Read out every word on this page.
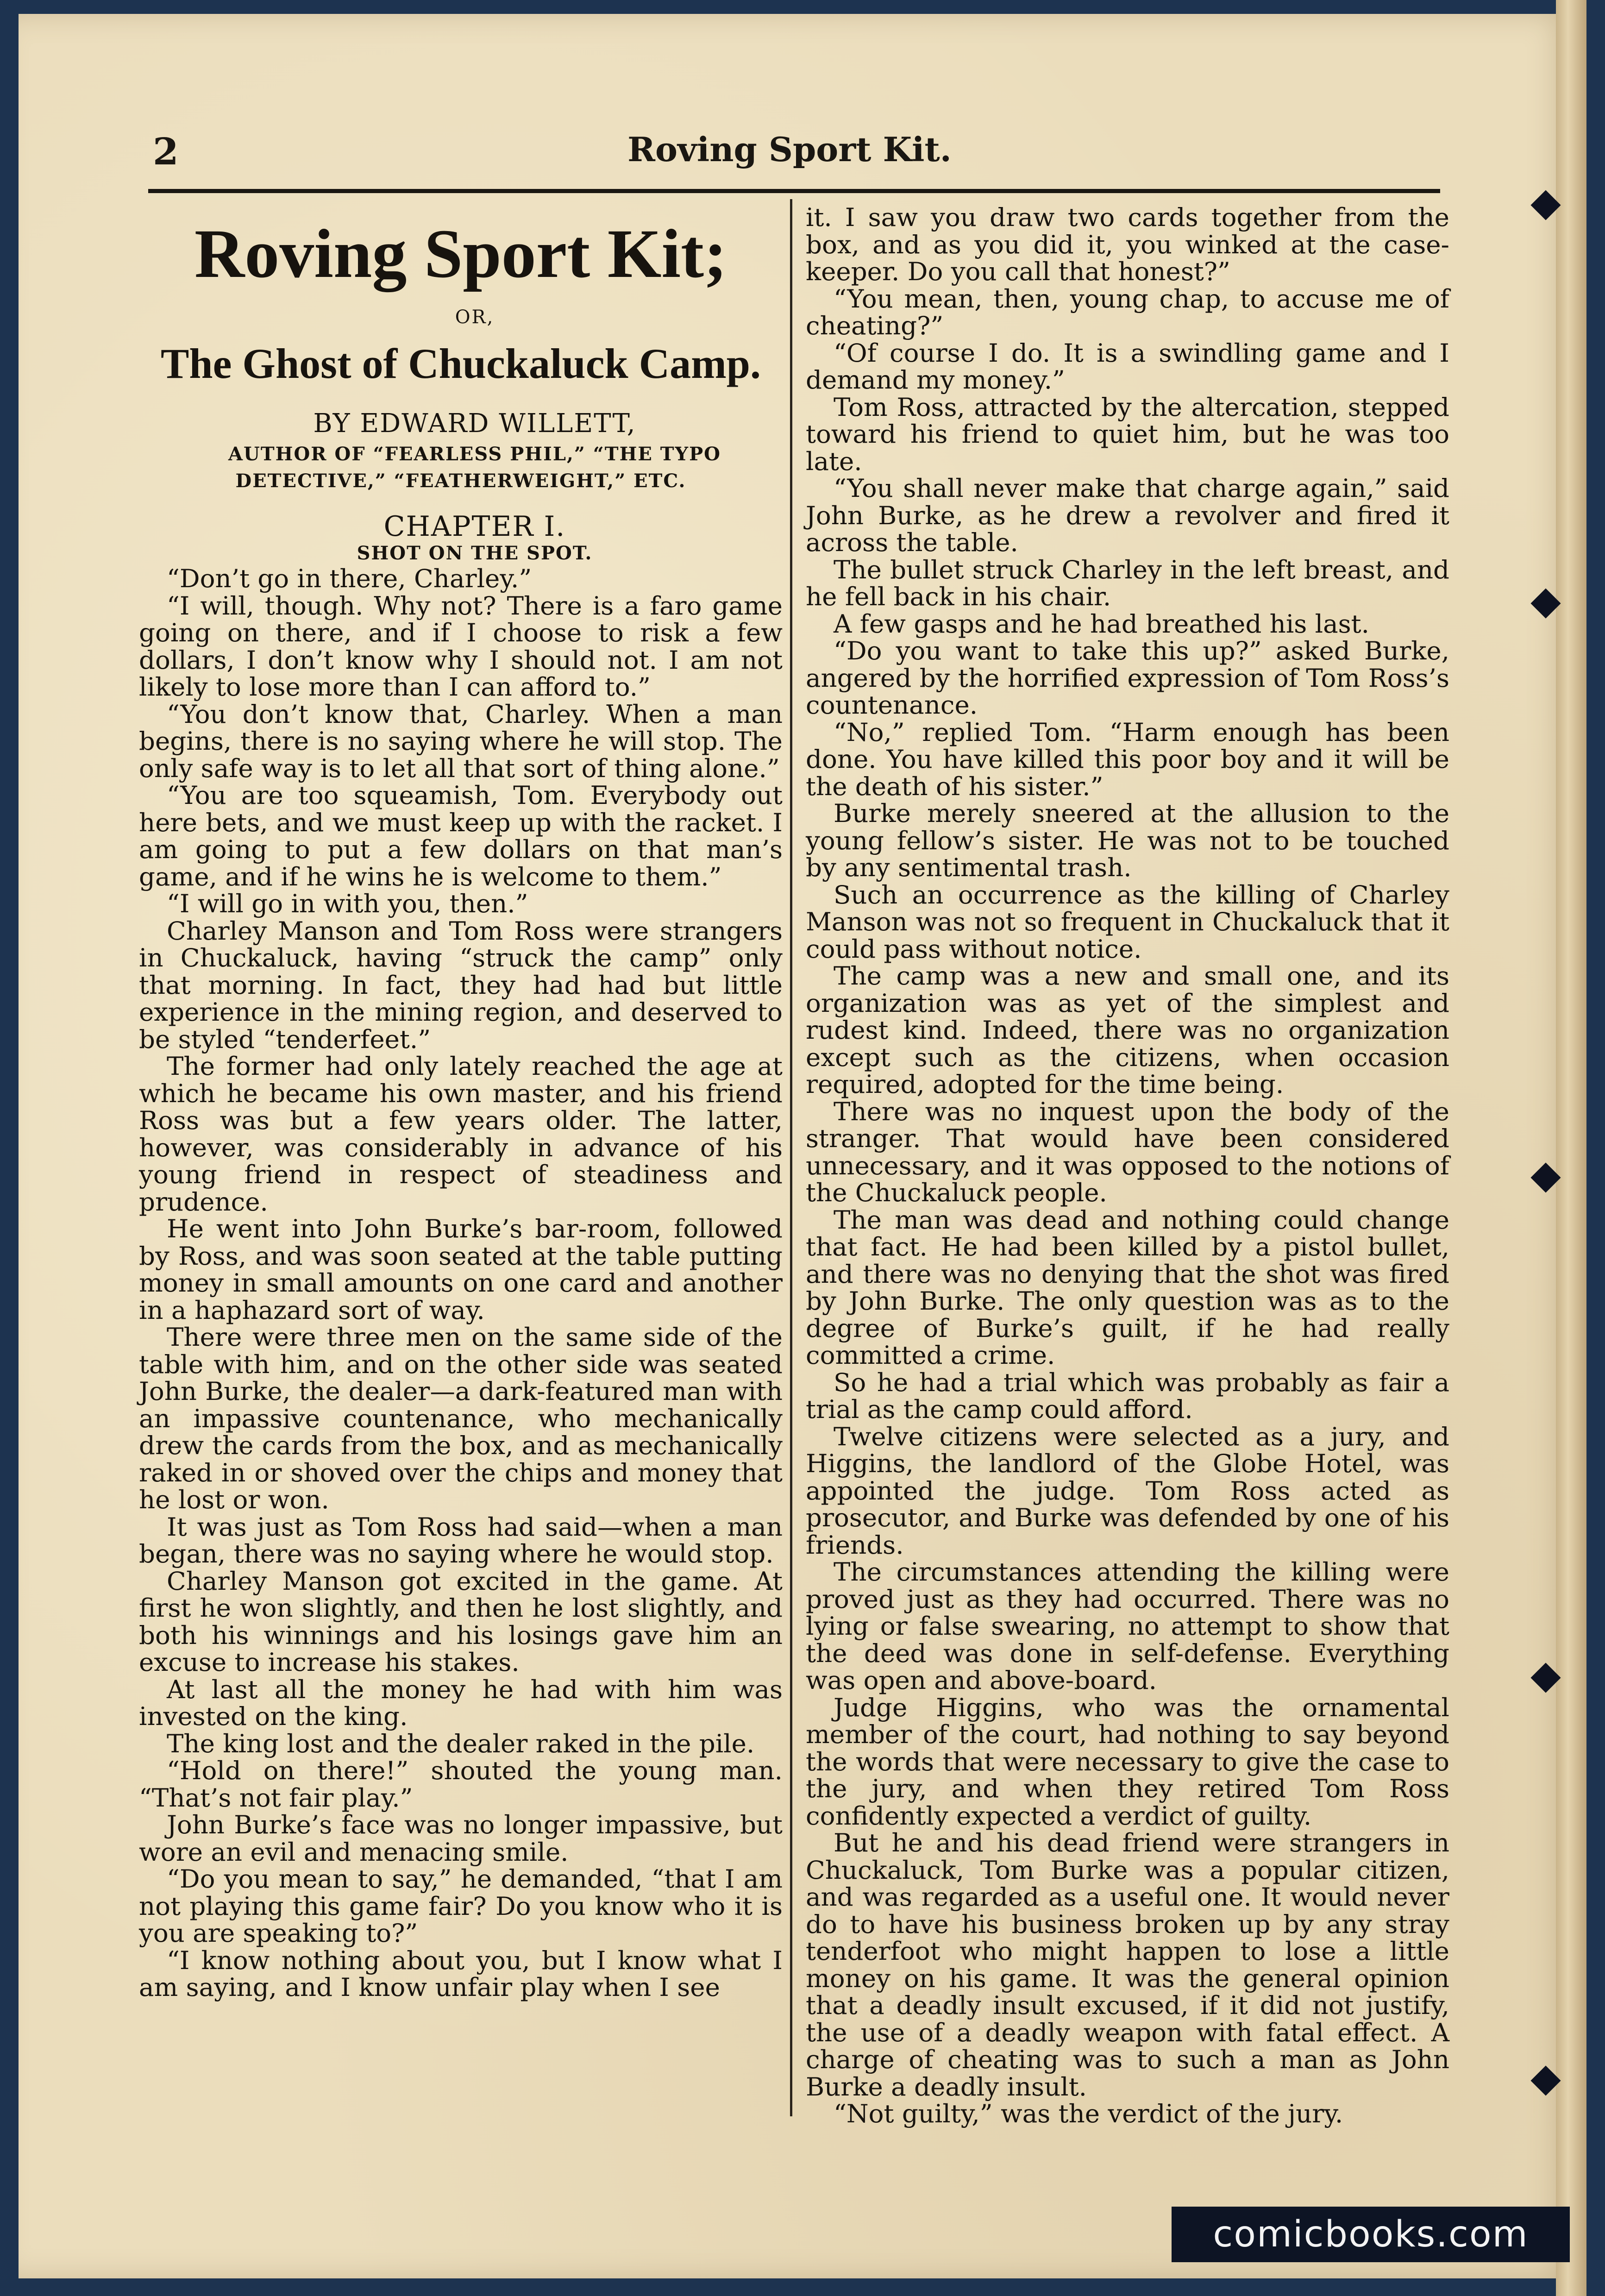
2	Roving Sport Kit.
Roving Sport Kit;

OR,

The Ghost of Chuckaluck Camp.

BY EDWARD WILLETT,

AUTHOR OF “FEARLESS PHIL,” “THE TYPO DETECTIVE,” “FEATHERWEIGHT,” ETC.

CHAPTER I.

SHOT ON THE SPOT.

“Don’t go in there, Charley.”

“I will, though. Why not? There is a faro game going on there, and if I choose to risk a few dollars, I don’t know why I should not. I am not likely to lose more than I can afford to.”

“You don’t know that, Charley. When a man begins, there is no saying where he will stop. The only safe way is to let all that sort of thing alone.”

“You are too squeamish, Tom. Everybody out here bets, and we must keep up with the racket. I am going to put a few dollars on that man’s game, and if he wins he is welcome to them.”

“I will go in with you, then.”

Charley Manson and Tom Ross were strangers in Chuckaluck, having “struck the camp” only that morning. In fact, they had had but little experience in the mining region, and deserved to be styled “tenderfeet.”

The former had only lately reached the age at which he became his own master, and his friend Ross was but a few years older. The latter, however, was considerably in advance of his young friend in respect of steadiness and prudence.

He went into John Burke’s bar-room, followed by Ross, and was soon seated at the table putting money in small amounts on one card and another in a haphazard sort of way.

There were three men on the same side of the table with him, and on the other side was seated John Burke, the dealer—a dark-featured man with an impassive countenance, who mechanically drew the cards from the box, and as mechanically raked in or shoved over the chips and money that he lost or won.

It was just as Tom Ross had said—when a man began, there was no saying where he would stop.

Charley Manson got excited in the game. At first he won slightly, and then he lost slightly, and both his winnings and his losings gave him an excuse to increase his stakes.

At last all the money he had with him was invested on the king.

The king lost and the dealer raked in the pile.

“Hold on there!” shouted the young man. “That’s not fair play.”

John Burke’s face was no longer impassive, but wore an evil and menacing smile.

“Do you mean to say,” he demanded, “that I am not playing this game fair? Do you know who it is you are speaking to?”

“I know nothing about you, but I know what I am saying, and I know unfair play when I see

it. I saw you draw two cards together from the box, and as you did it, you winked at the case-keeper. Do you call that honest?”

“You mean, then, young chap, to accuse me of cheating?”

“Of course I do. It is a swindling game and I demand my money.”

Tom Ross, attracted by the altercation, stepped toward his friend to quiet him, but he was too late.

“You shall never make that charge again,” said John Burke, as he drew a revolver and fired it across the table.

The bullet struck Charley in the left breast, and he fell back in his chair.

A few gasps and he had breathed his last.

“Do you want to take this up?” asked Burke, angered by the horrified expression of Tom Ross’s countenance.

“No,” replied Tom. “Harm enough has been done. You have killed this poor boy and it will be the death of his sister.”

Burke merely sneered at the allusion to the young fellow’s sister. He was not to be touched by any sentimental trash.

Such an occurrence as the killing of Charley Manson was not so frequent in Chuckaluck that it could pass without notice.

The camp was a new and small one, and its organization was as yet of the simplest and rudest kind. Indeed, there was no organization except such as the citizens, when occasion required, adopted for the time being.

There was no inquest upon the body of the stranger. That would have been considered unnecessary, and it was opposed to the notions of the Chuckaluck people.

The man was dead and nothing could change that fact. He had been killed by a pistol bullet, and there was no denying that the shot was fired by John Burke. The only question was as to the degree of Burke’s guilt, if he had really committed a crime.

So he had a trial which was probably as fair a trial as the camp could afford.

Twelve citizens were selected as a jury, and Higgins, the landlord of the Globe Hotel, was appointed the judge. Tom Ross acted as prosecutor, and Burke was defended by one of his friends.

The circumstances attending the killing were proved just as they had occurred. There was no lying or false swearing, no attempt to show that the deed was done in self-defense. Everything was open and above-board.

Judge Higgins, who was the ornamental member of the court, had nothing to say beyond the words that were necessary to give the case to the jury, and when they retired Tom Ross confidently expected a verdict of guilty.

But he and his dead friend were strangers in Chuckaluck, Tom Burke was a popular citizen, and was regarded as a useful one. It would never do to have his business broken up by any stray tenderfoot who might happen to lose a little money on his game. It was the general opinion that a deadly insult excused, if it did not justify, the use of a deadly weapon with fatal effect. A charge of cheating was to such a man as John Burke a deadly insult.

“Not guilty,” was the verdict of the jury.

comicbooks.com
